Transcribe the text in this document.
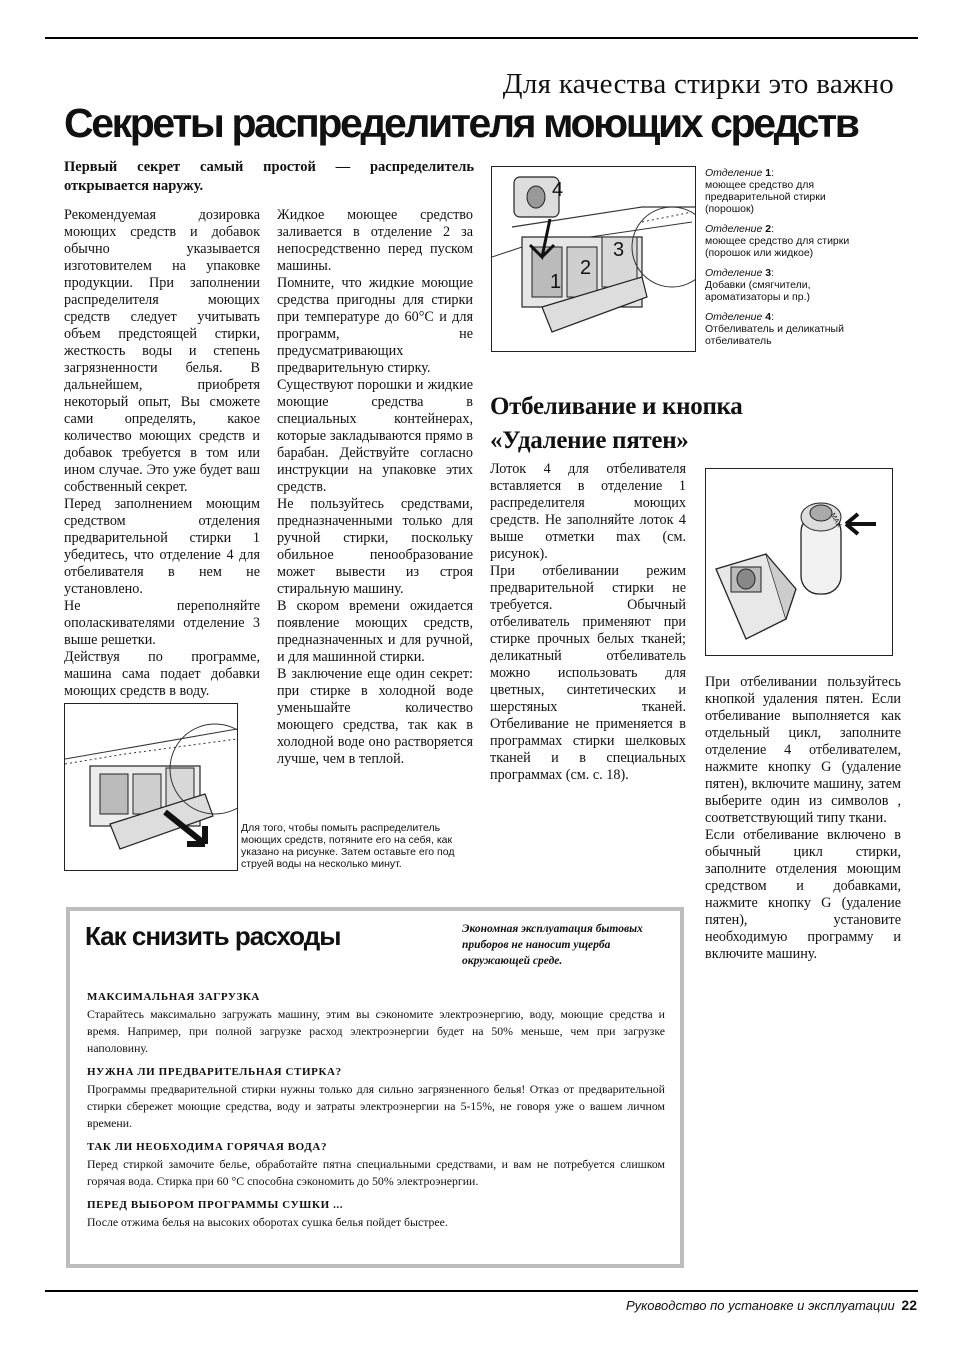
Для качества стирки это важно
Секреты распределителя моющих средств
Первый секрет самый простой — распределитель открывается наружу.

Рекомендуемая дозировка моющих средств и добавок обычно указывается изготовителем на упаковке продукции. При заполнении распределителя моющих средств следует учитывать объем предстоящей стирки, жесткость воды и степень загрязненности белья. В дальнейшем, приобретя некоторый опыт, Вы сможете сами определять, какое количество моющих средств и добавок требуется в том или ином случае. Это уже будет ваш собственный секрет.

Перед заполнением моющим средством отделения предварительной стирки 1 убедитесь, что отделение 4 для отбеливателя в нем не установлено.

Не переполняйте ополаскивателями отделение 3 выше решетки.

Действуя по программе, машина сама подает добавки моющих средств в воду.

Жидкое моющее средство заливается в отделение 2 за непосредственно перед пуском машины.

Помните, что жидкие моющие средства пригодны для стирки при температуре до 60°C и для программ, не предусматривающих предварительную стирку.

Существуют порошки и жидкие моющие средства в специальных контейнерах, которые закладываются прямо в барабан. Действуйте согласно инструкции на упаковке этих средств.

Не пользуйтесь средствами, предназначенными только для ручной стирки, поскольку обильное пенообразование может вывести из строя стиральную машину.

В скором времени ожидается появление моющих средств, предназначенных и для ручной, и для машинной стирки.

В заключение еще один секрет: при стирке в холодной воде уменьшайте количество моющего средства, так как в холодной воде оно растворяется лучше, чем в теплой.

4
1
2
3

Отделение 1:
моющее средство для предварительной стирки (порошок)

Отделение 2:
моющее средство для стирки (порошок или жидкое)

Отделение 3:
Добавки (смягчители, ароматизаторы и пр.)

Отделение 4:
Отбеливатель и деликатный отбеливатель

Отбеливание и кнопка
«Удаление пятен»

Лоток 4 для отбеливателя вставляется в отделение 1 распределителя моющих средств. Не заполняйте лоток 4 выше отметки max (см. рисунок).

При отбеливании режим предварительной стирки не требуется. Обычный отбеливатель применяют при стирке прочных белых тканей; деликатный отбеливатель можно использовать для цветных, синтетических и шерстяных тканей. Отбеливание не применяется в программах стирки шелковых тканей и в специальных программах (см. с. 18).

MAX

При отбеливании пользуйтесь кнопкой удаления пятен. Если отбеливание выполняется как отдельный цикл, заполните отделение 4 отбеливателем, нажмите кнопку G (удаление пятен), включите машину, затем выберите один из символов , соответствующий типу ткани.

Если отбеливание включено в обычный цикл стирки, заполните отделения моющим средством и добавками, нажмите кнопку G (удаление пятен), установите необходимую программу и включите машину.

Для того, чтобы помыть распределитель моющих средств, потяните его на себя, как указано на рисунке. Затем оставьте его под струей воды на несколько минут.
Как снизить расходы	Экономная эксплуатация бытовых приборов не наносит ущерба окружающей среде.
МАКСИМАЛЬНАЯ ЗАГРУЗКА
Старайтесь максимально загружать машину, этим вы сэкономите электроэнергию, воду, моющие средства и время. Например, при полной загрузке расход электроэнергии будет на 50% меньше, чем при загрузке наполовину.
НУЖНА ЛИ ПРЕДВАРИТЕЛЬНАЯ СТИРКА?
Программы предварительной стирки нужны только для сильно загрязненного белья! Отказ от предварительной стирки сбережет моющие средства, воду и затраты электроэнергии на 5-15%, не говоря уже о вашем личном времени.
ТАК ЛИ НЕОБХОДИМА ГОРЯЧАЯ ВОДА?
Перед стиркой замочите белье, обработайте пятна специальными средствами, и вам не потребуется слишком горячая вода. Стирка при 60 °С способна сэкономить до 50% электроэнергии.
ПЕРЕД ВЫБОРОМ ПРОГРАММЫ СУШКИ ...
После отжима белья на высоких оборотах сушка белья пойдет быстрее.
Руководство по установке и эксплуатации 22
